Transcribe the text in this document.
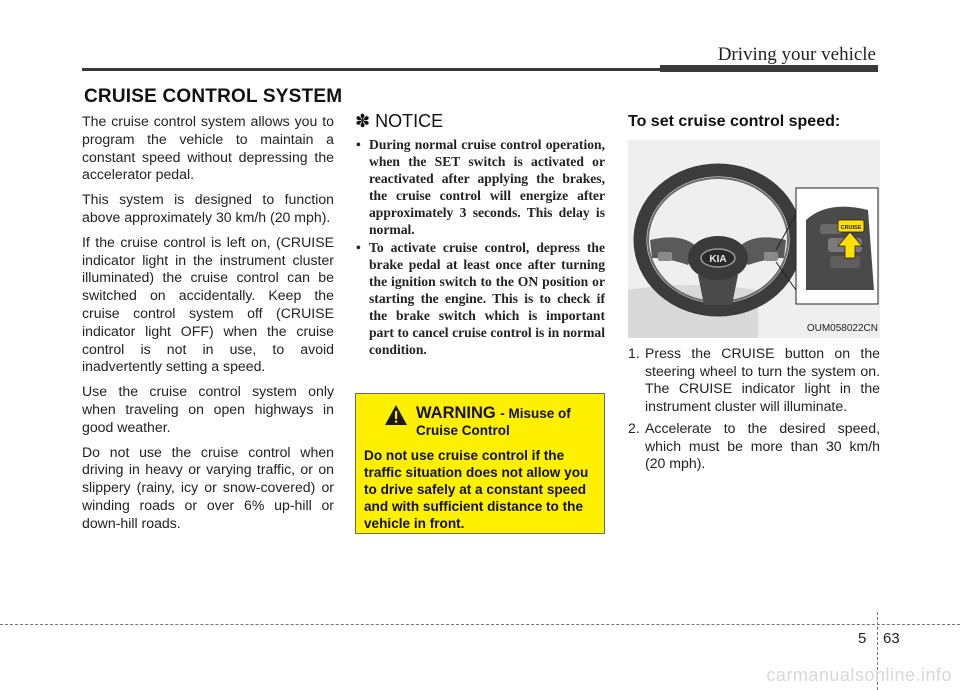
Driving your vehicle
CRUISE CONTROL SYSTEM

The cruise control system allows you to program the vehicle to maintain a constant speed without depressing the accelerator pedal.

This system is designed to function above approximately 30 km/h (20 mph).

If the cruise control is left on, (CRUISE indicator light in the instrument cluster illuminated) the cruise control can be switched on accidentally. Keep the cruise control system off (CRUISE indicator light OFF) when the cruise control is not in use, to avoid inadvertently setting a speed.

Use the cruise control system only when traveling on open highways in good weather.

Do not use the cruise control when driving in heavy or varying traffic, or on slippery (rainy, icy or snow-covered) or winding roads or over 6% up-hill or down-hill roads.

✽ NOTICE
• During normal cruise control operation, when the SET switch is activated or reactivated after applying the brakes, the cruise control will energize after approximately 3 seconds. This delay is normal.
• To activate cruise control, depress the brake pedal at least once after turning the ignition switch to the ON position or starting the engine. This is to check if the brake switch which is important part to cancel cruise control is in normal condition.
WARNING - Misuse of
Cruise Control
Do not use cruise control if the traffic situation does not allow you to drive safely at a constant speed and with sufficient distance to the vehicle in front.
To set cruise control speed:
KIA
CRUISE
OUM058022CN
1. Press the CRUISE button on the steering wheel to turn the system on. The CRUISE indicator light in the instrument cluster will illuminate.
2. Accelerate to the desired speed, which must be more than 30 km/h (20 mph).
5 63
carmanualsonline.info
